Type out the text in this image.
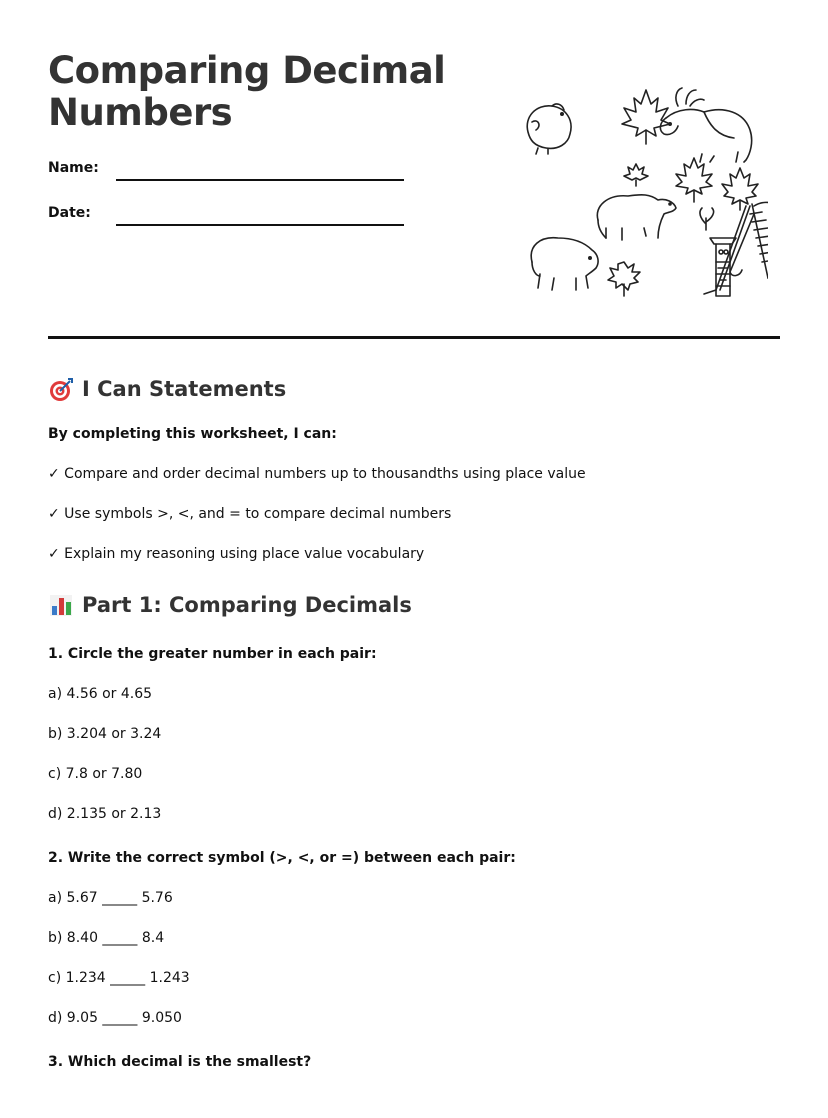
Comparing Decimal Numbers
Name:
Date:
I Can Statements
By completing this worksheet, I can:
✓ Compare and order decimal numbers up to thousandths using place value
✓ Use symbols >, <, and = to compare decimal numbers
✓ Explain my reasoning using place value vocabulary
Part 1: Comparing Decimals
1. Circle the greater number in each pair:
a) 4.56 or 4.65
b) 3.204 or 3.24
c) 7.8 or 7.80
d) 2.135 or 2.13
2. Write the correct symbol (>, <, or =) between each pair:
a) 5.67 _____ 5.76
b) 8.40 _____ 8.4
c) 1.234 _____ 1.243
d) 9.05 _____ 9.050
3. Which decimal is the smallest?
